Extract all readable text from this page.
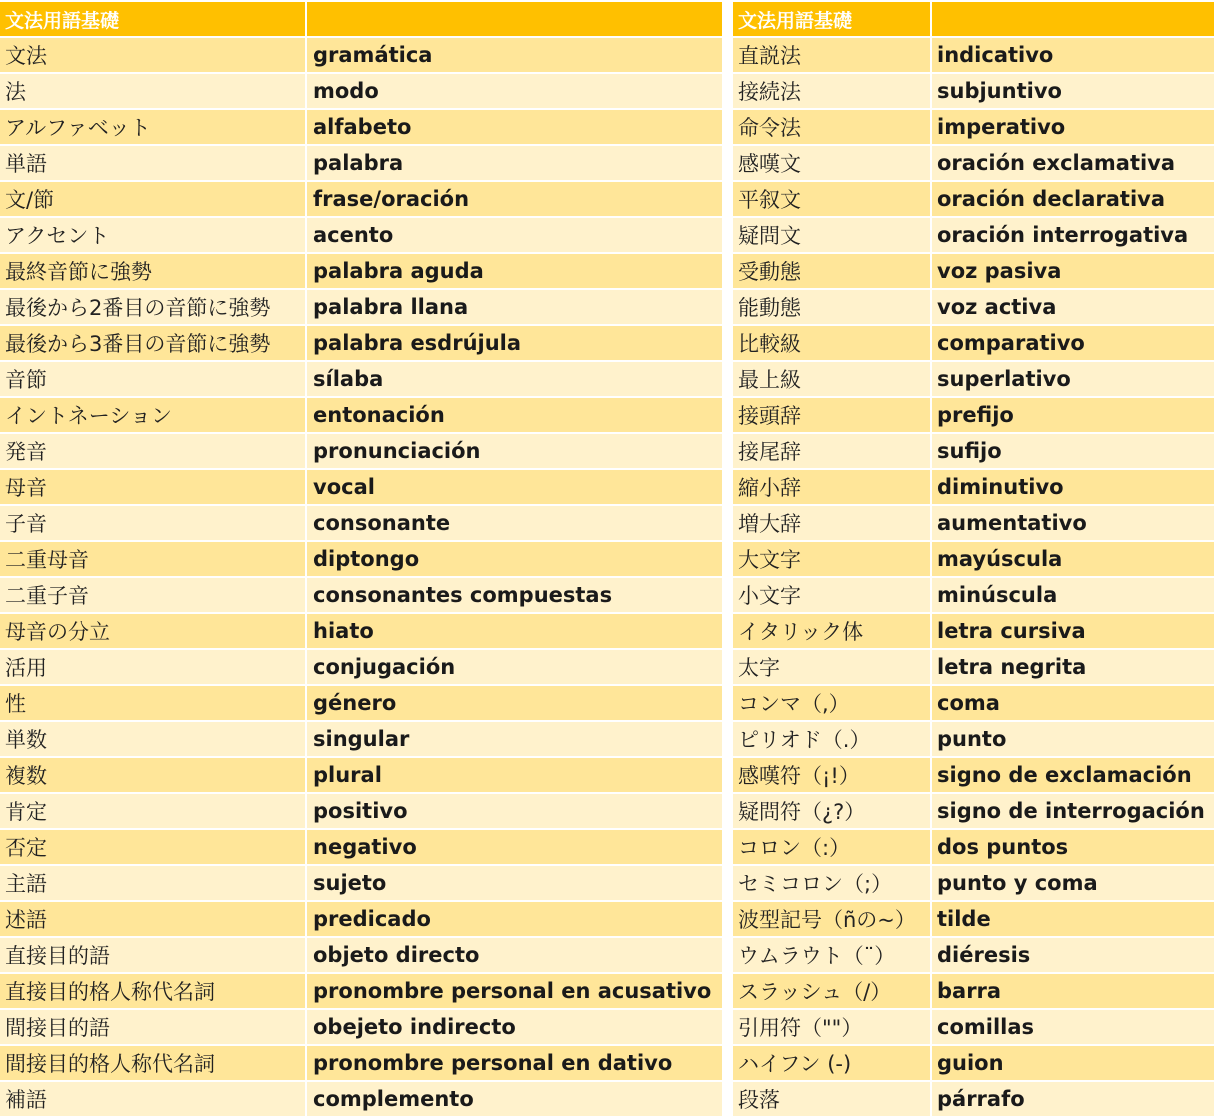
文法用語基礎
文法	gramática
法	modo
アルファベット	alfabeto
単語	palabra
文/節	frase/oración
アクセント	acento
最終音節に強勢	palabra aguda
最後から2番目の音節に強勢	palabra llana
最後から3番目の音節に強勢	palabra esdrújula
音節	sílaba
イントネーション	entonación
発音	pronunciación
母音	vocal
子音	consonante
二重母音	diptongo
二重子音	consonantes compuestas
母音の分立	hiato
活用	conjugación
性	género
単数	singular
複数	plural
肯定	positivo
否定	negativo
主語	sujeto
述語	predicado
直接目的語	objeto directo
直接目的格人称代名詞	pronombre personal en acusativo
間接目的語	obejeto indirecto
間接目的格人称代名詞	pronombre personal en dativo
補語	complemento
文法用語基礎
直説法	indicativo
接続法	subjuntivo
命令法	imperativo
感嘆文	oración exclamativa
平叙文	oración declarativa
疑問文	oración interrogativa
受動態	voz pasiva
能動態	voz activa
比較級	comparativo
最上級	superlativo
接頭辞	prefijo
接尾辞	sufijo
縮小辞	diminutivo
増大辞	aumentativo
大文字	mayúscula
小文字	minúscula
イタリック体	letra cursiva
太字	letra negrita
コンマ（,）	coma
ピリオド（.）	punto
感嘆符（¡!）	signo de exclamación
疑問符（¿?）	signo de interrogación
コロン（:）	dos puntos
セミコロン（;）	punto y coma
波型記号（ñの~）	tilde
ウムラウト（¨）	diéresis
スラッシュ（/）	barra
引用符（""）	comillas
ハイフン (-)	guion
段落	párrafo
